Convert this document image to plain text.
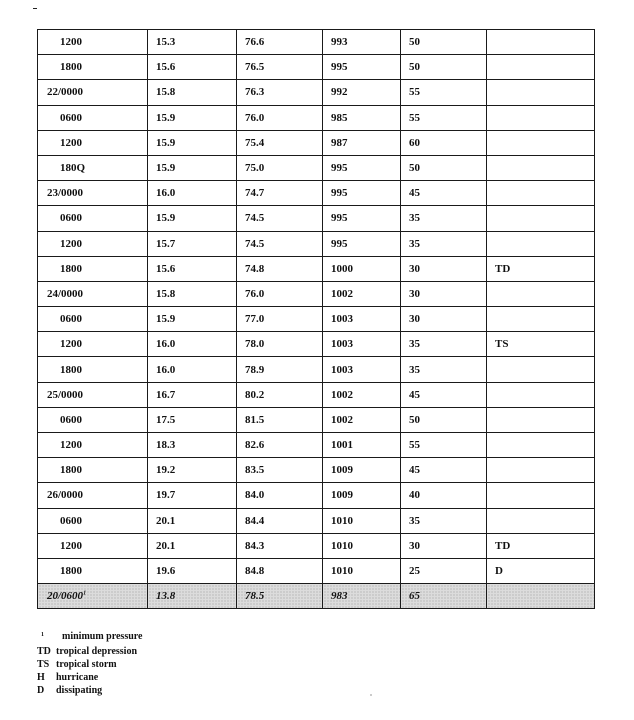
1200	15.3	76.6	993	50	
1800	15.6	76.5	995	50	
22/0000	15.8	76.3	992	55	
0600	15.9	76.0	985	55	
1200	15.9	75.4	987	60	
180Q	15.9	75.0	995	50	
23/0000	16.0	74.7	995	45	
0600	15.9	74.5	995	35	
1200	15.7	74.5	995	35	
1800	15.6	74.8	1000	30	TD
24/0000	15.8	76.0	1002	30	
0600	15.9	77.0	1003	30	
1200	16.0	78.0	1003	35	TS
1800	16.0	78.9	1003	35	
25/0000	16.7	80.2	1002	45	
0600	17.5	81.5	1002	50	
1200	18.3	82.6	1001	55	
1800	19.2	83.5	1009	45	
26/0000	19.7	84.0	1009	40	
0600	20.1	84.4	1010	35	
1200	20.1	84.3	1010	30	TD
1800	19.6	84.8	1010	25	D
20/0600$^1$	13.8	78.5	983	65	
1	minimum pressure
TD tropical depression
TS tropical storm
H	hurricane
D	dissipating
